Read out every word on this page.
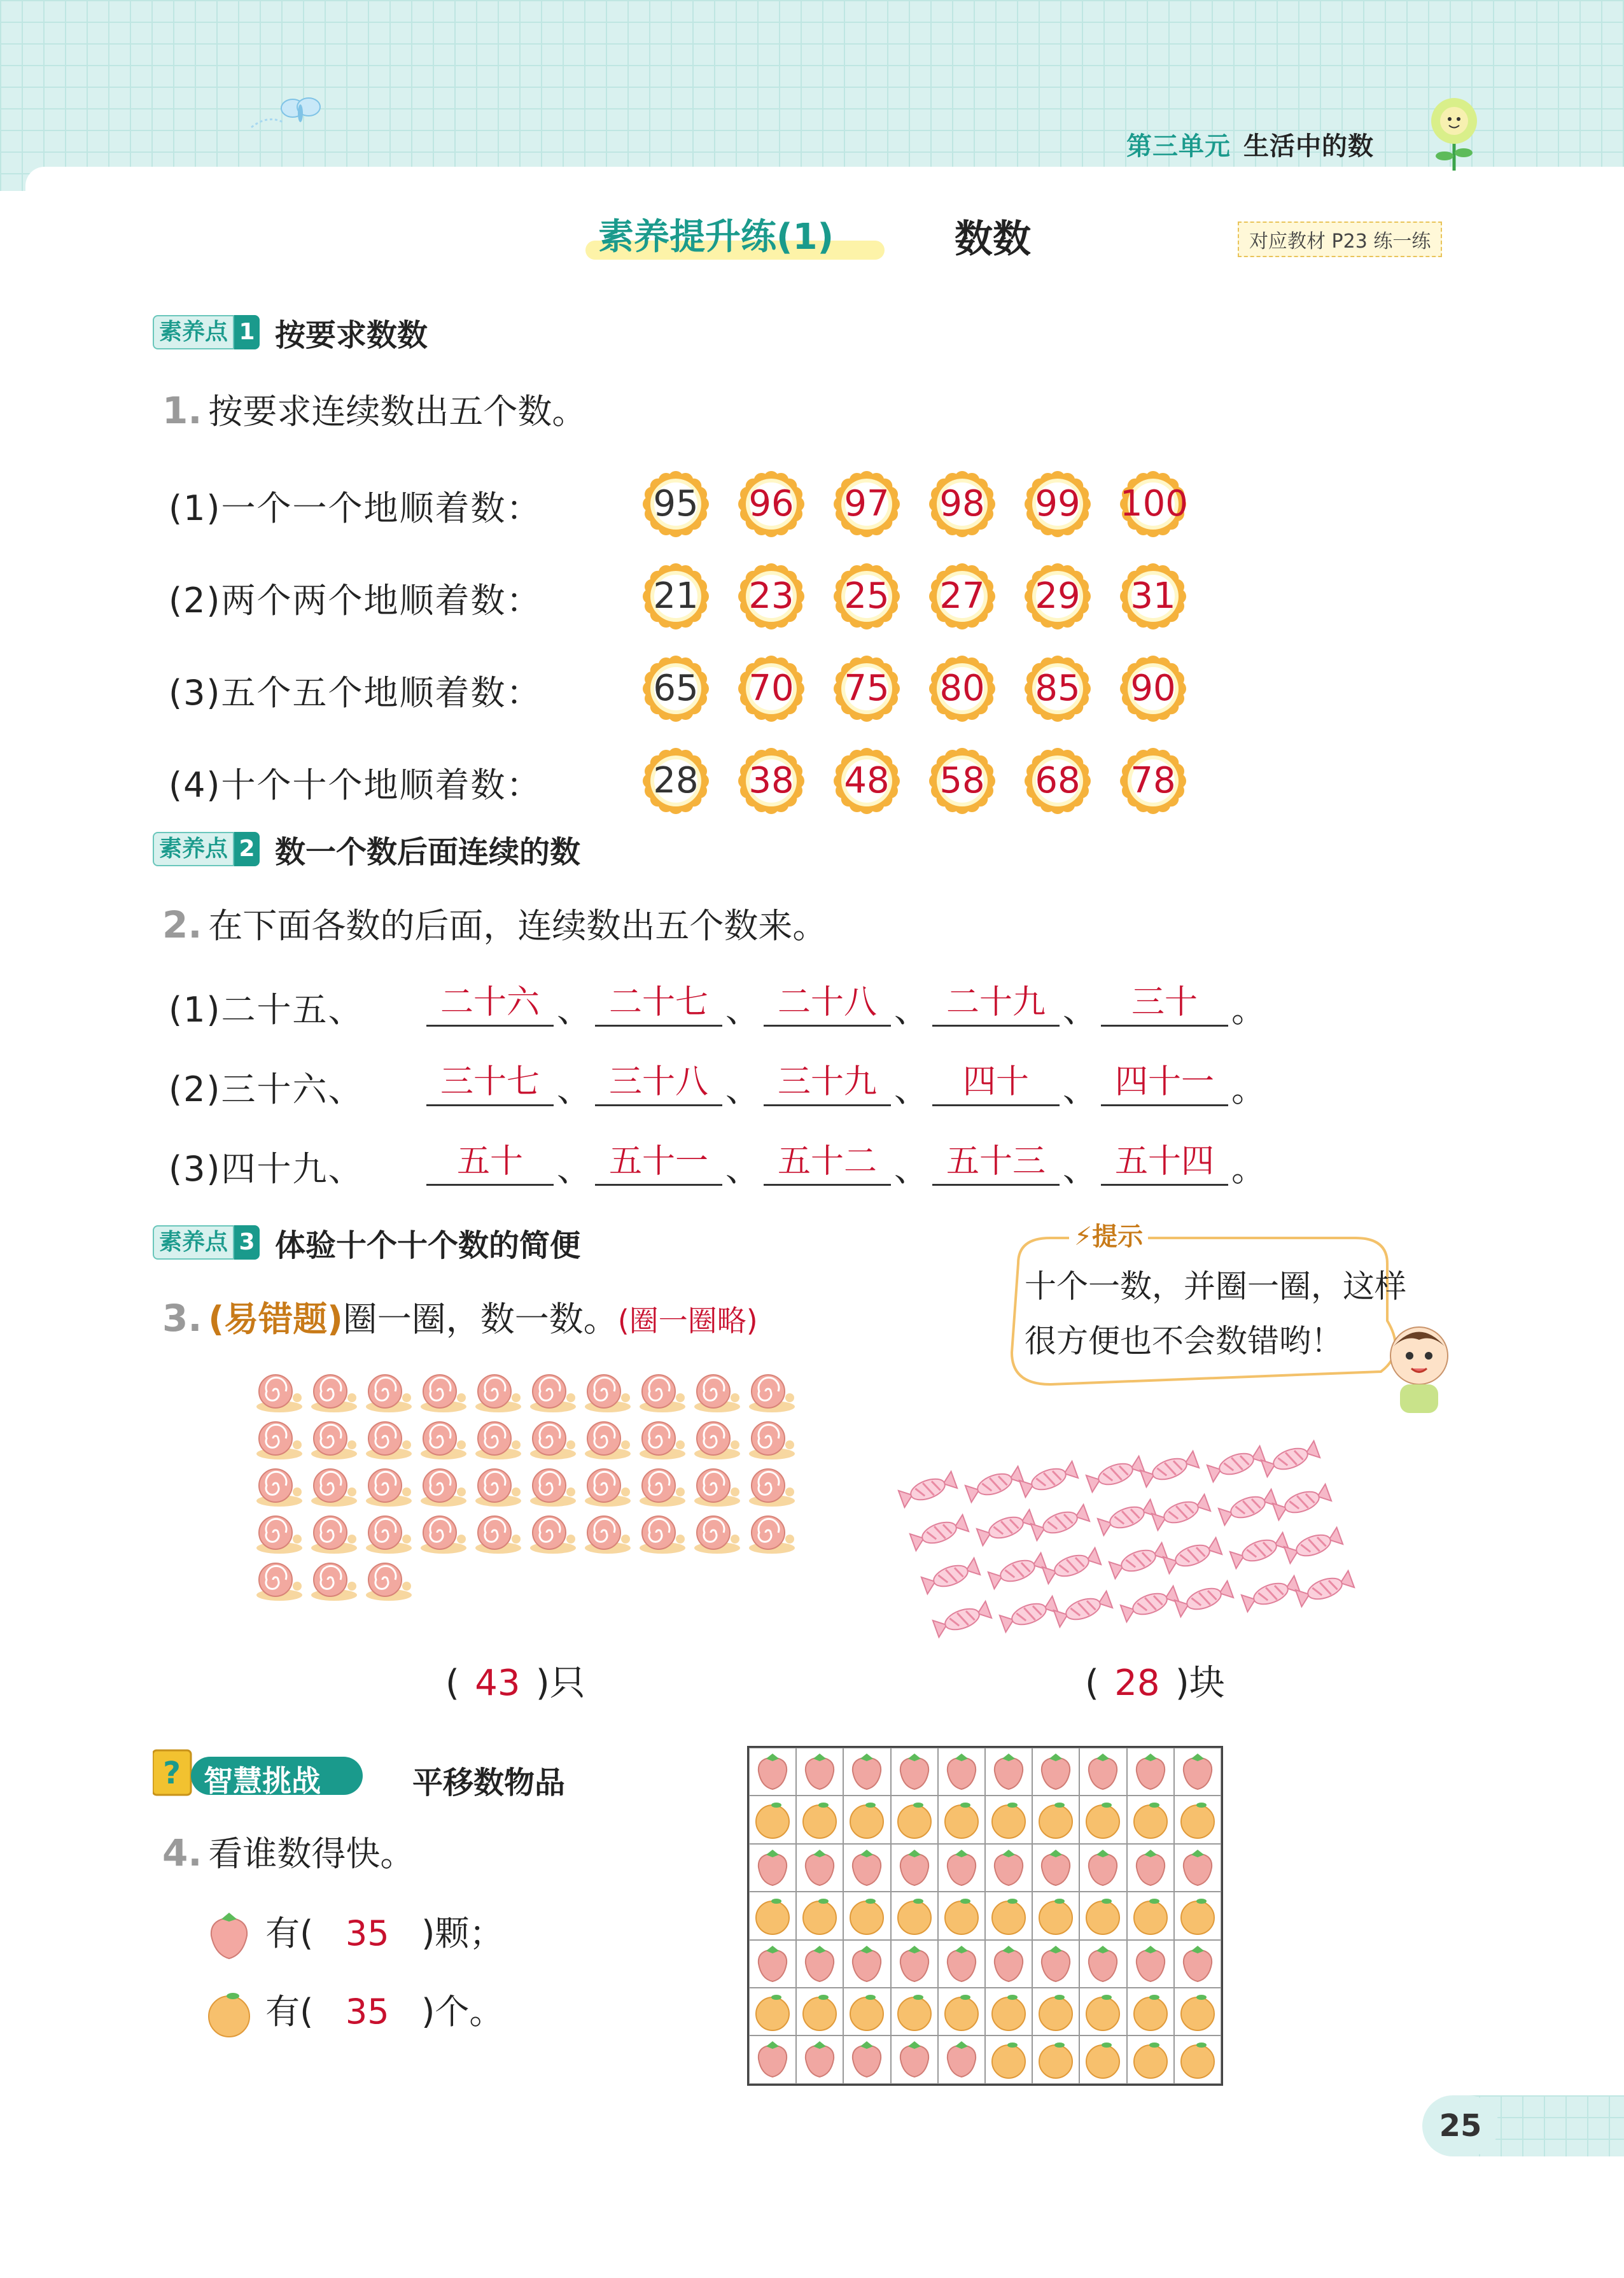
第三单元 生活中的数
素养提升练(1)	数数	对应教材 P23 练一练
素养点 1 按要求数数
1. 按要求连续数出五个数。
(1)一个一个地顺着数：	95 96 97 98 99 100
(2)两个两个地顺着数：	21 23 25 27 29 31
(3)五个五个地顺着数：	65 70 75 80 85 90
(4)十个十个地顺着数：	28 38 48 58 68 78
素养点 2 数一个数后面连续的数
2. 在下面各数的后面，连续数出五个数来。
(1)二十五、	二十六 、 二十七 、 二十八 、 二十九 、	三十 。
(2)三十六、	三十七 、 三十八 、 三十九 、	四十 、 四十一 。
(3)四十九、	五十 、 五十一 、 五十二 、 五十三 、 五十四 。
素养点 3 体验十个十个数的简便
3. (易错题)圈一圈，数一数。(圈一圈略)
⚡提示
十个一数，并圈一圈，这样
很方便也不会数错哟！
( 43 )只	( 28 )块
? 智慧挑战	平移数物品
4. 看谁数得快。
有( 35 )颗；
有( 35 )个。
25
